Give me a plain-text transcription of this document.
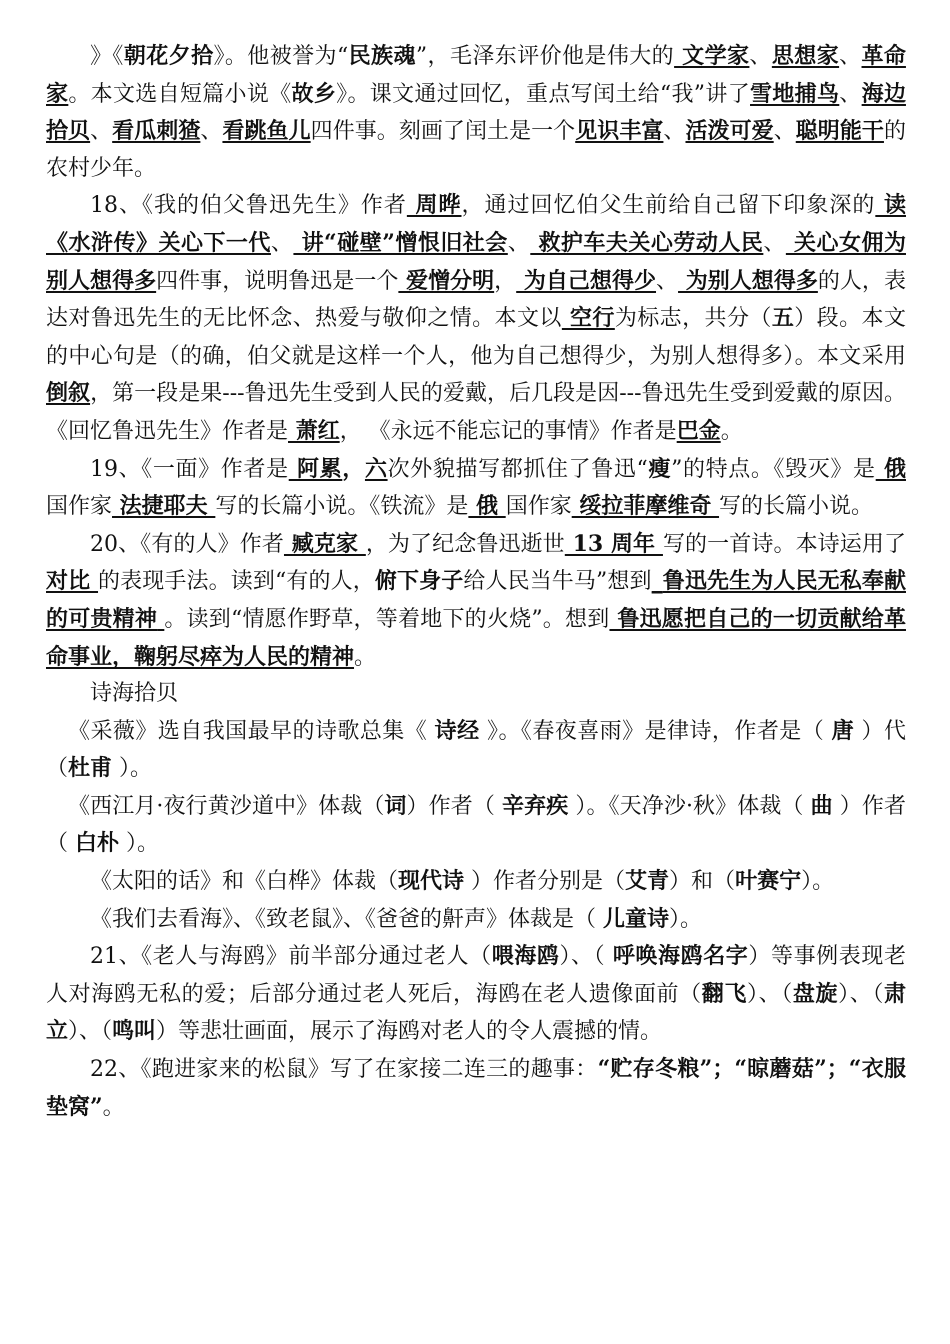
》《朝花夕拾》。他被誉为“民族魂”，毛泽东评价他是伟大的 文学家、思想家、革命家。本文选自短篇小说《故乡》。课文通过回忆，重点写闰土给“我”讲了雪地捕鸟、海边拾贝、看瓜刺猹、看跳鱼儿四件事。刻画了闰土是一个见识丰富、活泼可爱、聪明能干的农村少年。

18、《我的伯父鲁迅先生》作者 周晔，通过回忆伯父生前给自己留下印象深的 读《水浒传》关心下一代、 讲“碰壁”憎恨旧社会、 救护车夫关心劳动人民、 关心女佣为别人想得多四件事，说明鲁迅是一个 爱憎分明， 为自己想得少、 为别人想得多的人，表达对鲁迅先生的无比怀念、热爱与敬仰之情。本文以 空行为标志，共分（五）段。本文的中心句是（的确，伯父就是这样一个人，他为自己想得少，为别人想得多）。本文采用 倒叙，第一段是果---鲁迅先生受到人民的爱戴，后几段是因---鲁迅先生受到爱戴的原因。《回忆鲁迅先生》作者是 萧红， 《永远不能忘记的事情》作者是巴金。

19、《一面》作者是 阿累，六次外貌描写都抓住了鲁迅“瘦”的特点。《毁灭》是 俄 国作家 法捷耶夫 写的长篇小说。《铁流》是 俄 国作家 绥拉菲摩维奇 写的长篇小说。

20、《有的人》作者 臧克家 ，为了纪念鲁迅逝世 13 周年 写的一首诗。本诗运用了 对比 的表现手法。读到“有的人，俯下身子给人民当牛马”想到_鲁迅先生为人民无私奉献的可贵精神 。读到“情愿作野草，等着地下的火烧”。想到 鲁迅愿把自己的一切贡献给革命事业，鞠躬尽瘁为人民的精神。

诗海拾贝

《采薇》选自我国最早的诗歌总集《 诗经 》。《春夜喜雨》是律诗，作者是（ 唐 ）代（杜甫 ）。

《西江月·夜行黄沙道中》体裁（词）作者（ 辛弃疾 ）。《天净沙·秋》体裁（ 曲 ）作者（ 白朴 ）。

《太阳的话》和《白桦》体裁（现代诗 ）作者分别是（艾青）和（叶赛宁）。

《我们去看海》、《致老鼠》、《爸爸的鼾声》体裁是（ 儿童诗）。

21、《老人与海鸥》前半部分通过老人（喂海鸥）、（ 呼唤海鸥名字）等事例表现老人对海鸥无私的爱；后部分通过老人死后，海鸥在老人遗像面前（翻飞）、（盘旋）、（肃立）、（鸣叫）等悲壮画面，展示了海鸥对老人的令人震撼的情。

22、《跑进家来的松鼠》写了在家接二连三的趣事：“贮存冬粮”；“晾蘑菇”；“衣服垫窝”。
